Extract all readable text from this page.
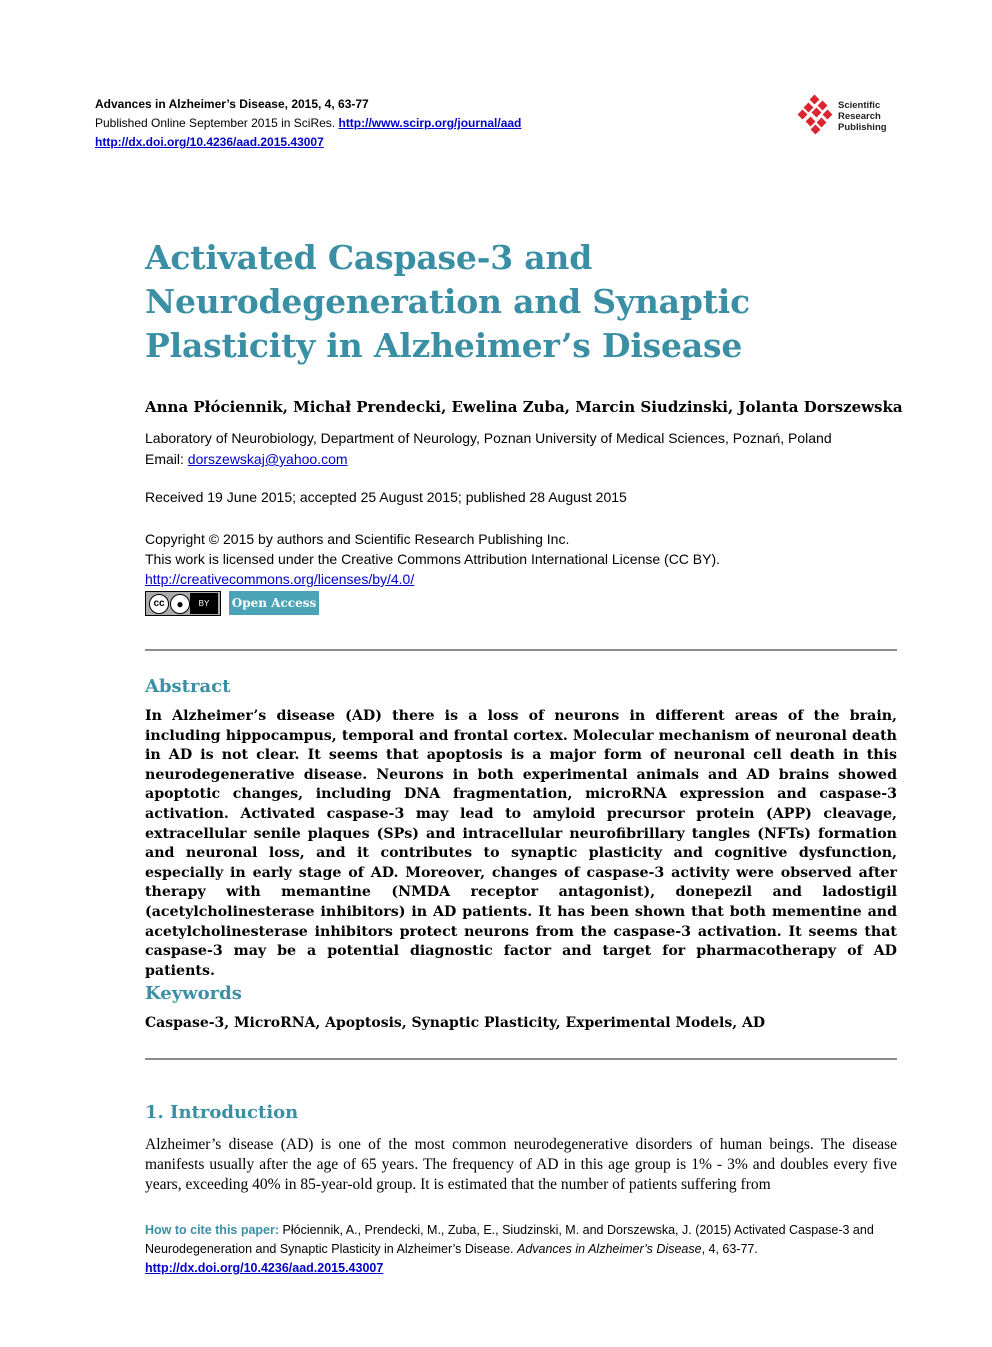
Advances in Alzheimer’s Disease, 2015, 4, 63-77
Published Online September 2015 in SciRes. http://www.scirp.org/journal/aad
http://dx.doi.org/10.4236/aad.2015.43007
Scientific
Research
Publishing
Activated Caspase-3 and Neurodegeneration and Synaptic Plasticity in Alzheimer’s Disease
Anna Płóciennik, Michał Prendecki, Ewelina Zuba, Marcin Siudzinski, Jolanta Dorszewska
Laboratory of Neurobiology, Department of Neurology, Poznan University of Medical Sciences, Poznań, Poland
Email: dorszewskaj@yahoo.com
Received 19 June 2015; accepted 25 August 2015; published 28 August 2015
Copyright © 2015 by authors and Scientific Research Publishing Inc.
This work is licensed under the Creative Commons Attribution International License (CC BY).
http://creativecommons.org/licenses/by/4.0/
cc ●	BY	Open Access
Abstract
In Alzheimer’s disease (AD) there is a loss of neurons in different areas of the brain, including hippocampus, temporal and frontal cortex. Molecular mechanism of neuronal death in AD is not clear. It seems that apoptosis is a major form of neuronal cell death in this neurodegenerative disease. Neurons in both experimental animals and AD brains showed apoptotic changes, including DNA fragmentation, microRNA expression and caspase-3 activation. Activated caspase-3 may lead to amyloid precursor protein (APP) cleavage, extracellular senile plaques (SPs) and intracellular neurofibrillary tangles (NFTs) formation and neuronal loss, and it contributes to synaptic plasticity and cognitive dysfunction, especially in early stage of AD. Moreover, changes of caspase-3 activity were observed after therapy with memantine (NMDA receptor antagonist), donepezil and ladostigil (acetylcholinesterase inhibitors) in AD patients. It has been shown that both mementine and acetylcholinesterase inhibitors protect neurons from the caspase-3 activation. It seems that caspase-3 may be a potential diagnostic factor and target for pharmacotherapy of AD patients.
Keywords
Caspase-3, MicroRNA, Apoptosis, Synaptic Plasticity, Experimental Models, AD
1. Introduction
Alzheimer’s disease (AD) is one of the most common neurodegenerative disorders of human beings. The disease manifests usually after the age of 65 years. The frequency of AD in this age group is 1% - 3% and doubles every five years, exceeding 40% in 85-year-old group. It is estimated that the number of patients suffering from
How to cite this paper: Płóciennik, A., Prendecki, M., Zuba, E., Siudzinski, M. and Dorszewska, J. (2015) Activated Caspase-3 and Neurodegeneration and Synaptic Plasticity in Alzheimer’s Disease. Advances in Alzheimer’s Disease, 4, 63-77.
http://dx.doi.org/10.4236/aad.2015.43007
